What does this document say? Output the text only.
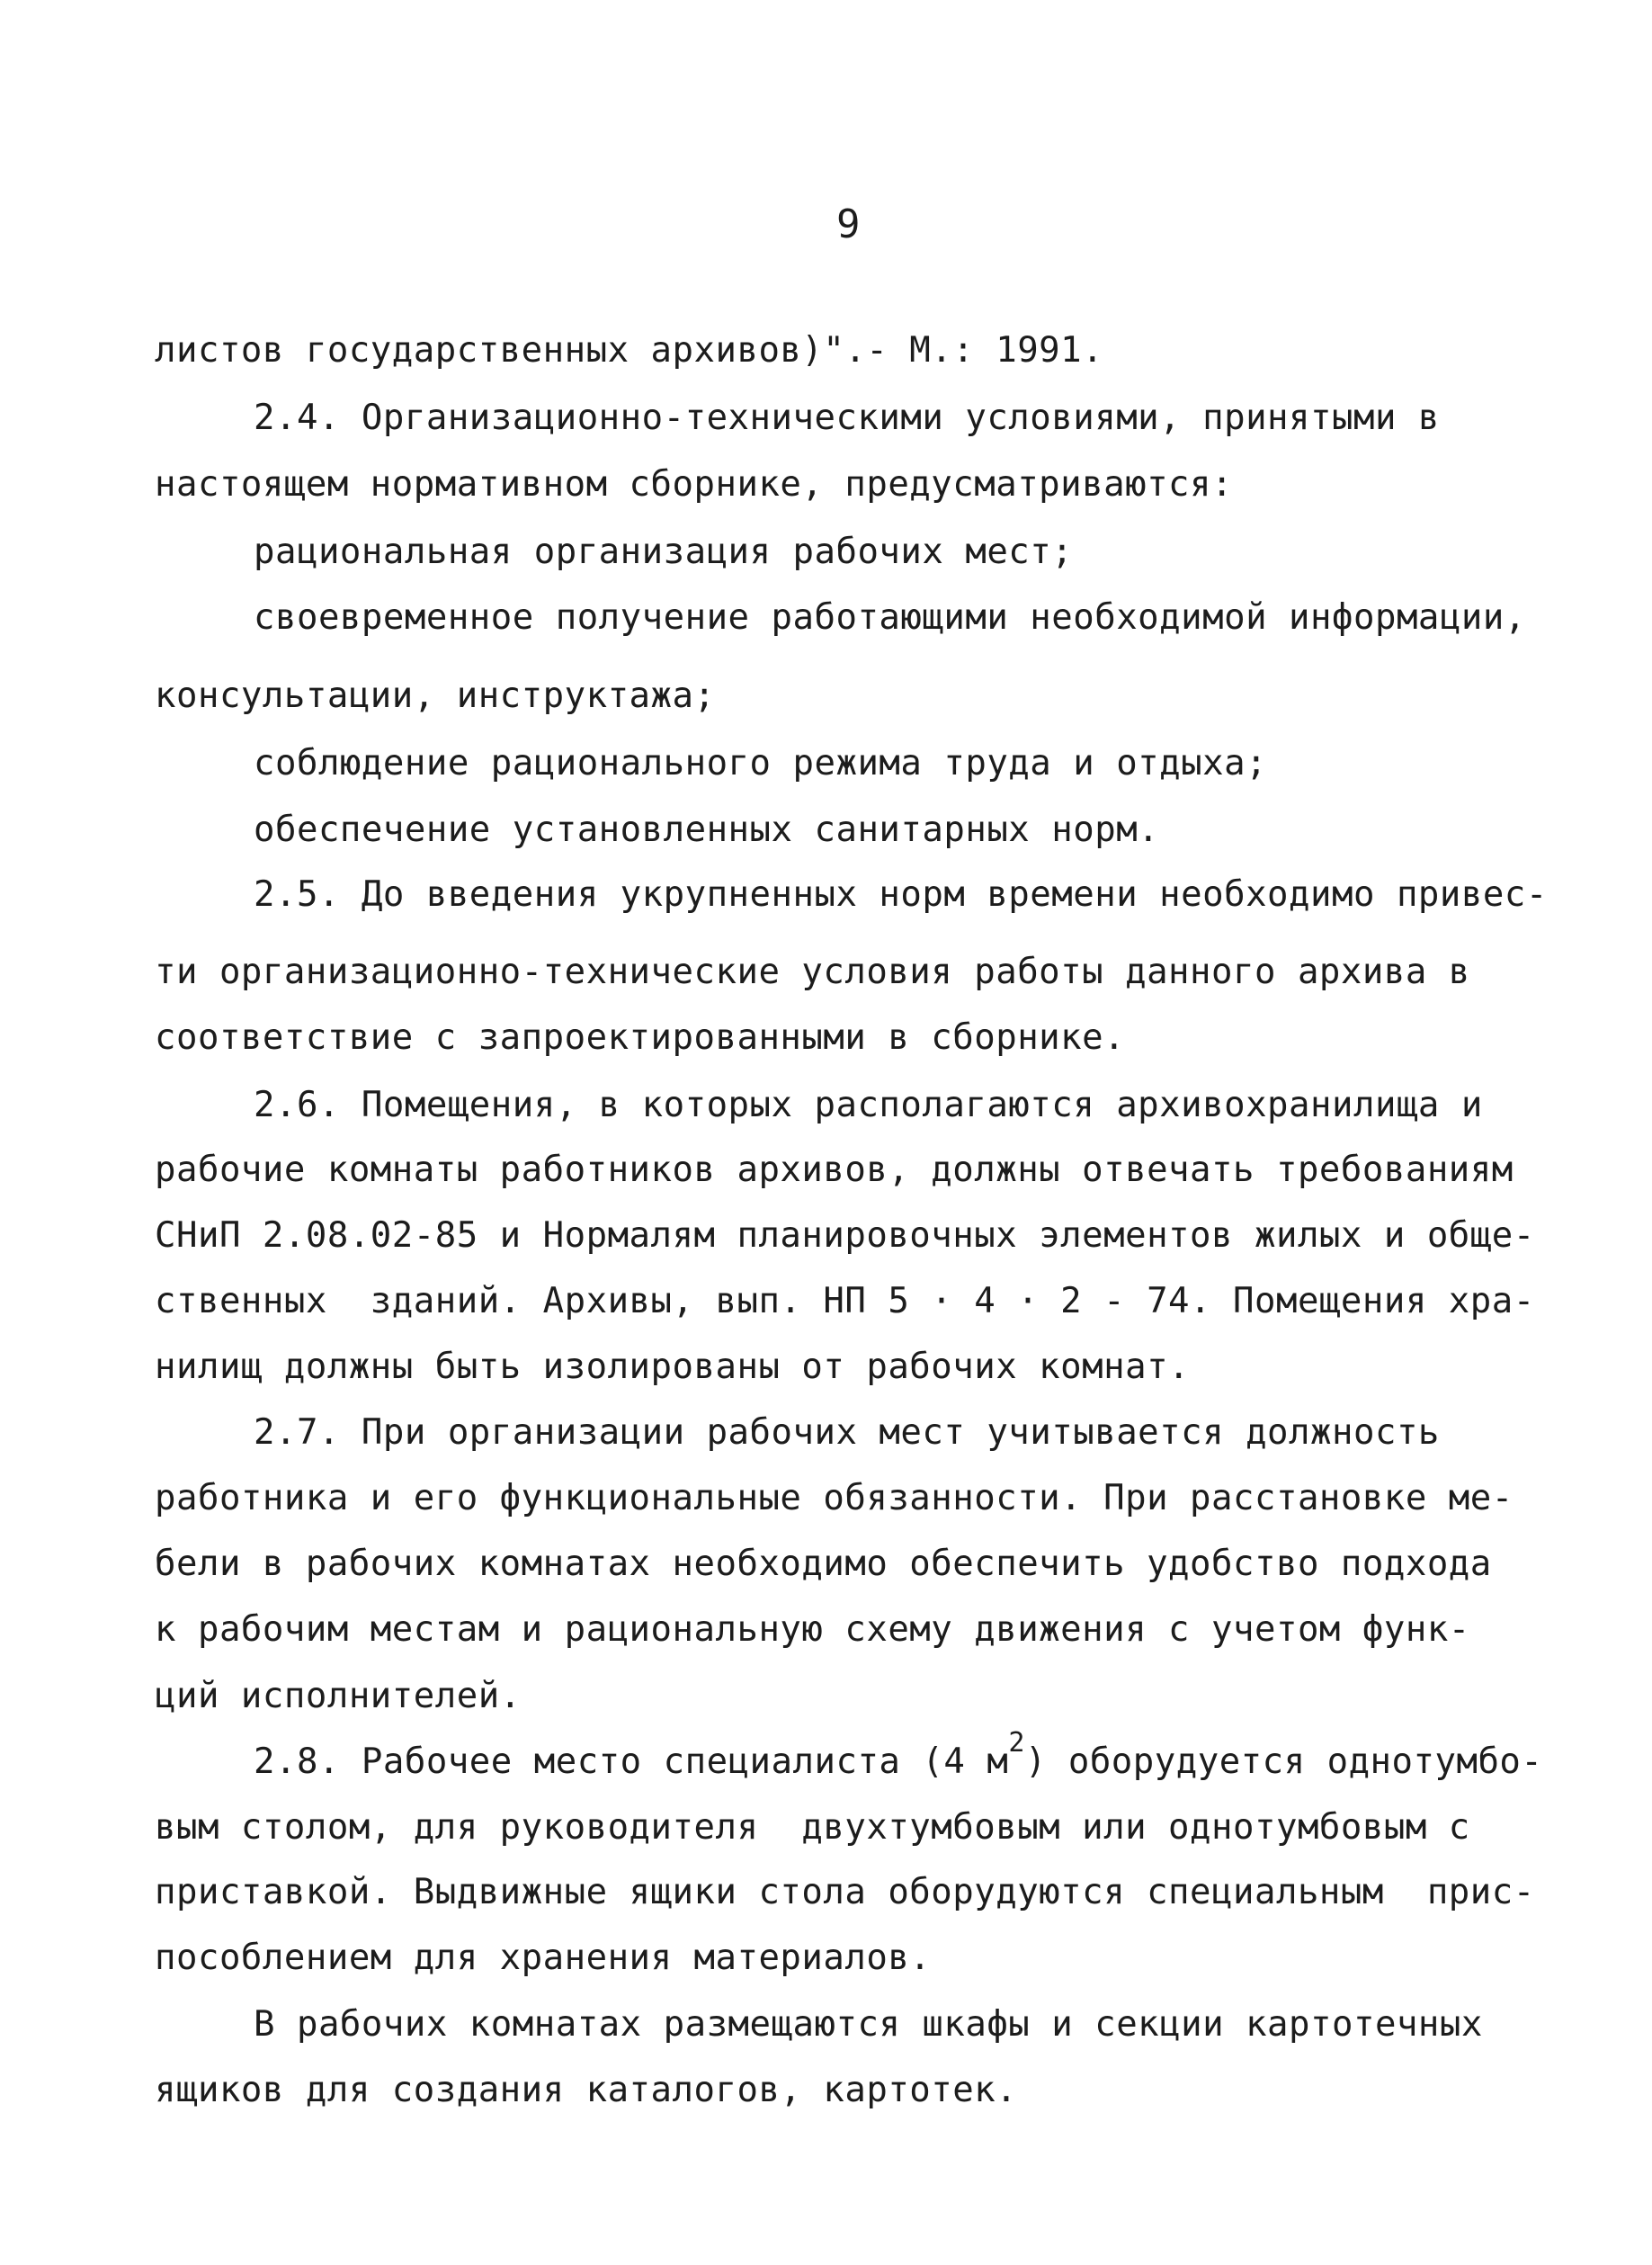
9
листов государственных архивов)".- М.: 1991.
2.4. Организационно-техническими условиями, принятыми в
настоящем нормативном сборнике, предусматриваются:
рациональная организация рабочих мест;
своевременное получение работающими необходимой информации,
консультации, инструктажа;
соблюдение рационального режима труда и отдыха;
обеспечение установленных санитарных норм.
2.5. До введения укрупненных норм времени необходимо привес-
ти организационно-технические условия работы данного архива в
соответствие с запроектированными в сборнике.
2.6. Помещения, в которых располагаются архивохранилища и
рабочие комнаты работников архивов, должны отвечать требованиям
СНиП 2.08.02-85 и Нормалям планировочных элементов жилых и обще-
ственных  зданий. Архивы, вып. НП 5 · 4 · 2 - 74. Помещения хра-
нилищ должны быть изолированы от рабочих комнат.
2.7. При организации рабочих мест учитывается должность
работника и его функциональные обязанности. При расстановке ме-
бели в рабочих комнатах необходимо обеспечить удобство подхода
к рабочим местам и рациональную схему движения с учетом функ-
ций исполнителей.
2.8. Рабочее место специалиста (4 $м^2$) оборудуется однотумбо-
вым столом, для руководителя  двухтумбовым или однотумбовым с
приставкой. Выдвижные ящики стола оборудуются специальным  прис-
пособлением для хранения материалов.
В рабочих комнатах размещаются шкафы и секции картотечных
ящиков для создания каталогов, картотек.
